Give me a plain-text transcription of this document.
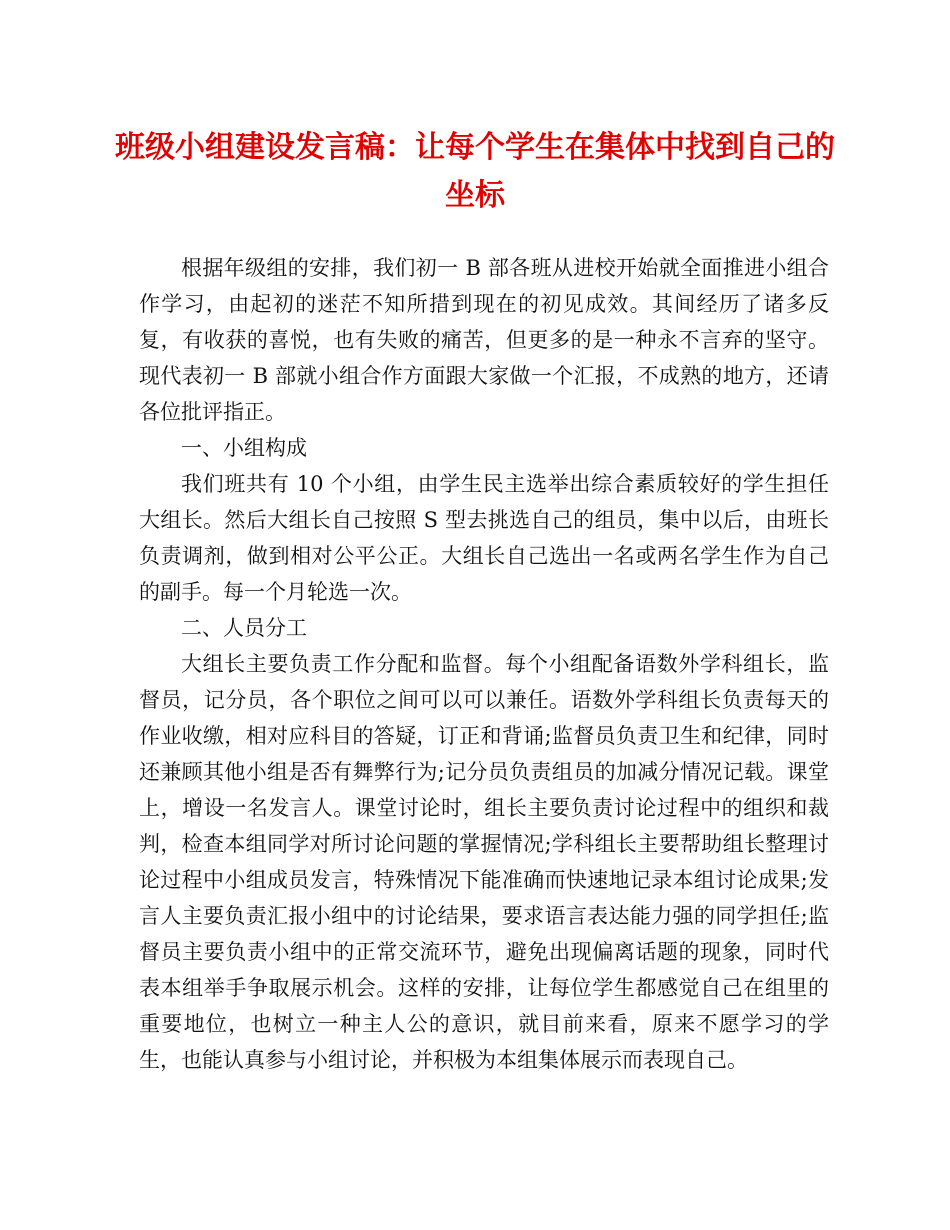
班级小组建设发言稿：让每个学生在集体中找到自己的坐标

根据年级组的安排，我们初一 B 部各班从进校开始就全面推进小组合作学习，由起初的迷茫不知所措到现在的初见成效。其间经历了诸多反复，有收获的喜悦，也有失败的痛苦，但更多的是一种永不言弃的坚守。现代表初一 B 部就小组合作方面跟大家做一个汇报，不成熟的地方，还请各位批评指正。

一、小组构成

我们班共有 10 个小组，由学生民主选举出综合素质较好的学生担任大组长。然后大组长自己按照 S 型去挑选自己的组员，集中以后，由班长负责调剂，做到相对公平公正。大组长自己选出一名或两名学生作为自己的副手。每一个月轮选一次。

二、人员分工

大组长主要负责工作分配和监督。每个小组配备语数外学科组长，监督员，记分员，各个职位之间可以可以兼任。语数外学科组长负责每天的作业收缴，相对应科目的答疑，订正和背诵;监督员负责卫生和纪律，同时还兼顾其他小组是否有舞弊行为;记分员负责组员的加减分情况记载。课堂上，增设一名发言人。课堂讨论时，组长主要负责讨论过程中的组织和裁判，检查本组同学对所讨论问题的掌握情况;学科组长主要帮助组长整理讨论过程中小组成员发言，特殊情况下能准确而快速地记录本组讨论成果;发言人主要负责汇报小组中的讨论结果，要求语言表达能力强的同学担任;监督员主要负责小组中的正常交流环节，避免出现偏离话题的现象，同时代表本组举手争取展示机会。这样的安排，让每位学生都感觉自己在组里的重要地位，也树立一种主人公的意识，就目前来看，原来不愿学习的学生，也能认真参与小组讨论，并积极为本组集体展示而表现自己。
